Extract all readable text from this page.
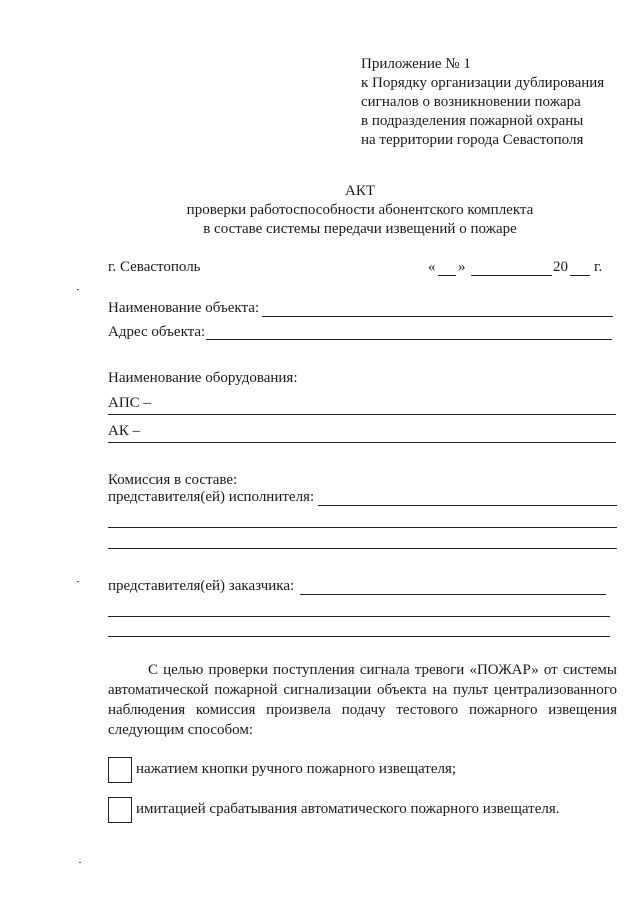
Приложение № 1
к Порядку организации дублирования
сигналов о возникновении пожара
в подразделения пожарной охраны
на территории города Севастополя
АКТ
проверки работоспособности абонентского комплекта
в составе системы передачи извещений о пожаре
г. Севастополь	« »	20 г.
Наименование объекта:
Адрес объекта:
Наименование оборудования:
АПС –
АК –
Комиссия в составе:
представителя(ей) исполнителя:
представителя(ей) заказчика:
С целью проверки поступления сигнала тревоги «ПОЖАР» от системы автоматической пожарной сигнализации объекта на пульт централизованного наблюдения комиссия произвела подачу тестового пожарного извещения следующим способом:
нажатием кнопки ручного пожарного извещателя;
имитацией срабатывания автоматического пожарного извещателя.
